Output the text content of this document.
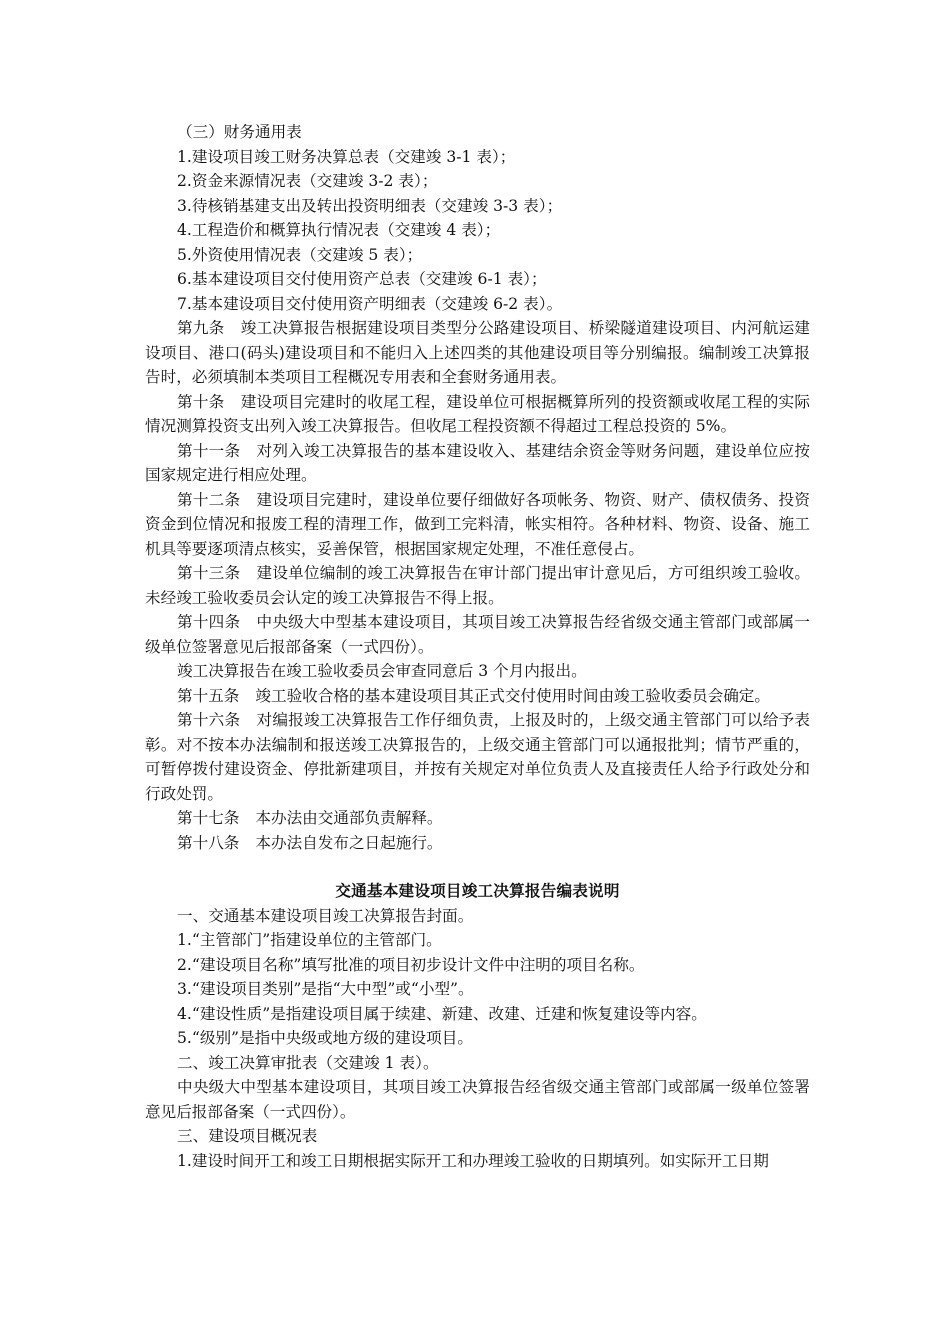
（三）财务通用表

1.建设项目竣工财务决算总表（交建竣 3-1 表）；

2.资金来源情况表（交建竣 3-2 表）；

3.待核销基建支出及转出投资明细表（交建竣 3-3 表）；

4.工程造价和概算执行情况表（交建竣 4 表）；

5.外资使用情况表（交建竣 5 表）；

6.基本建设项目交付使用资产总表（交建竣 6-1 表）；

7.基本建设项目交付使用资产明细表（交建竣 6-2 表）。

第九条 竣工决算报告根据建设项目类型分公路建设项目、桥梁隧道建设项目、内河航运建设项目、港口(码头)建设项目和不能归入上述四类的其他建设项目等分别编报。编制竣工决算报告时，必须填制本类项目工程概况专用表和全套财务通用表。

第十条 建设项目完建时的收尾工程，建设单位可根据概算所列的投资额或收尾工程的实际情况测算投资支出列入竣工决算报告。但收尾工程投资额不得超过工程总投资的 5%。

第十一条 对列入竣工决算报告的基本建设收入、基建结余资金等财务问题，建设单位应按国家规定进行相应处理。

第十二条 建设项目完建时，建设单位要仔细做好各项帐务、物资、财产、债权债务、投资资金到位情况和报废工程的清理工作，做到工完料清，帐实相符。各种材料、物资、设备、施工机具等要逐项清点核实，妥善保管，根据国家规定处理，不准任意侵占。

第十三条 建设单位编制的竣工决算报告在审计部门提出审计意见后，方可组织竣工验收。未经竣工验收委员会认定的竣工决算报告不得上报。

第十四条 中央级大中型基本建设项目，其项目竣工决算报告经省级交通主管部门或部属一级单位签署意见后报部备案（一式四份）。

竣工决算报告在竣工验收委员会审查同意后 3 个月内报出。

第十五条 竣工验收合格的基本建设项目其正式交付使用时间由竣工验收委员会确定。

第十六条 对编报竣工决算报告工作仔细负责，上报及时的，上级交通主管部门可以给予表彰。对不按本办法编制和报送竣工决算报告的，上级交通主管部门可以通报批判；情节严重的，可暂停拨付建设资金、停批新建项目，并按有关规定对单位负责人及直接责任人给予行政处分和行政处罚。

第十七条 本办法由交通部负责解释。

第十八条 本办法自发布之日起施行。

交通基本建设项目竣工决算报告编表说明

一、交通基本建设项目竣工决算报告封面。

1.“主管部门”指建设单位的主管部门。

2.“建设项目名称”填写批准的项目初步设计文件中注明的项目名称。

3.“建设项目类别”是指“大中型”或“小型”。

4.“建设性质”是指建设项目属于续建、新建、改建、迁建和恢复建设等内容。

5.“级别”是指中央级或地方级的建设项目。

二、竣工决算审批表（交建竣 1 表）。

中央级大中型基本建设项目，其项目竣工决算报告经省级交通主管部门或部属一级单位签署意见后报部备案（一式四份）。

三、建设项目概况表

1.建设时间开工和竣工日期根据实际开工和办理竣工验收的日期填列。如实际开工日期
